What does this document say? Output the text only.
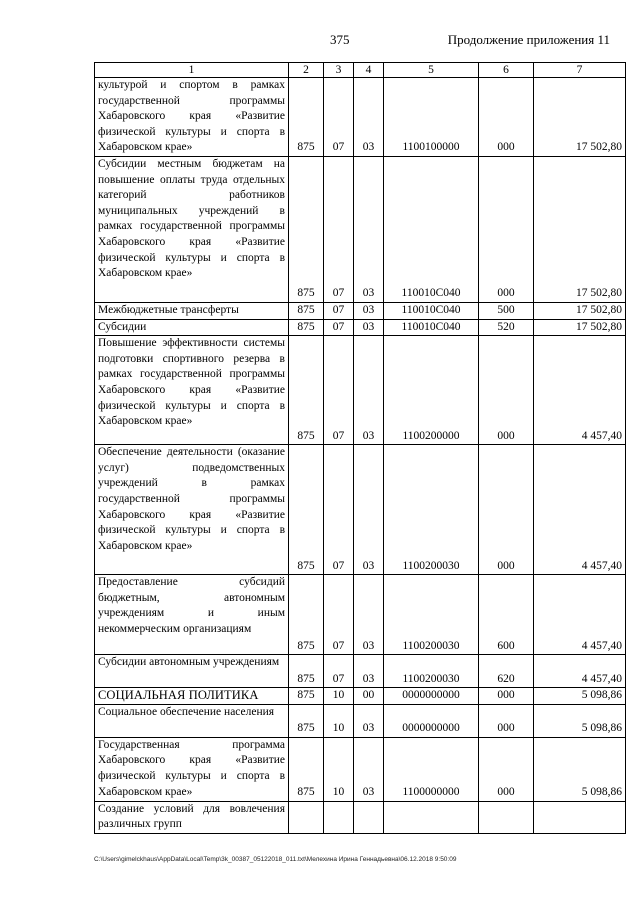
375	Продолжение приложения 11
1	2	3	4	5	6	7
культурой и спортом в рамках государственной программы Хабаровского края «Развитие физической культуры и спорта в Хабаровском крае»	875	07	03	1100100000	000	17 502,80
Субсидии местным бюджетам на повышение оплаты труда отдельных категорий работников муниципальных учреждений в рамках государственной программы Хабаровского края «Развитие физической культуры и спорта в Хабаровском крае»	875	07	03	110010С040	000	17 502,80
Межбюджетные трансферты	875	07	03	110010С040	500	17 502,80
Субсидии	875	07	03	110010С040	520	17 502,80
Повышение эффективности системы подготовки спортивного резерва в рамках государственной программы Хабаровского края «Развитие физической культуры и спорта в Хабаровском крае»	875	07	03	1100200000	000	4 457,40
Обеспечение деятельности (оказание услуг) подведомственных учреждений в рамках государственной программы Хабаровского края «Развитие физической культуры и спорта в Хабаровском крае»	875	07	03	1100200030	000	4 457,40
Предоставление субсидий бюджетным, автономным учреждениям и иным некоммерческим организациям	875	07	03	1100200030	600	4 457,40
Субсидии автономным учреждениям	875	07	03	1100200030	620	4 457,40
СОЦИАЛЬНАЯ ПОЛИТИКА	875	10	00	0000000000	000	5 098,86
Социальное обеспечение населения	875	10	03	0000000000	000	5 098,86
Государственная программа Хабаровского края «Развитие физической культуры и спорта в Хабаровском крае»	875	10	03	1100000000	000	5 098,86
Создание условий для вовлечения различных групп						
C:\Users\gimelckhaus\AppData\Local\Temp\3k_00387_05122018_011.txt\Мелехина Ирина Геннадьевна\06.12.2018 9:50:09
